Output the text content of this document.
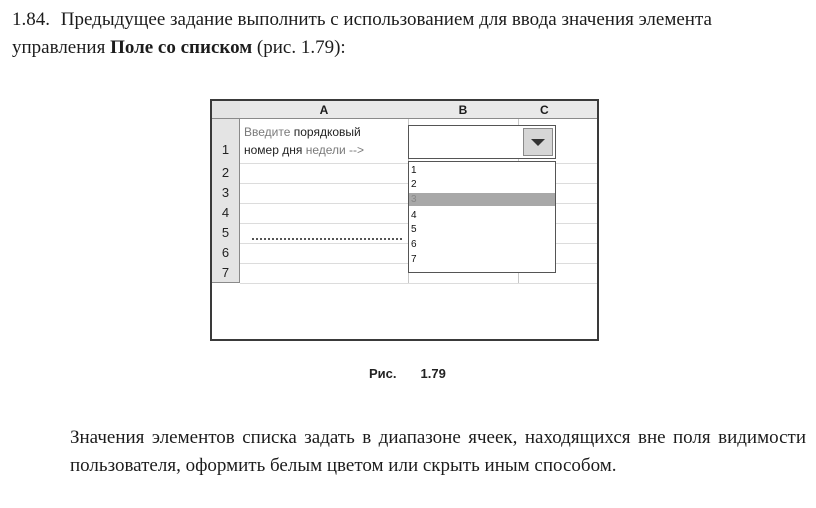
1.84. Предыдущее задание выполнить с использованием для ввода значения элемента управления Поле со списком (рис. 1.79):
A	B	C
1
2
3
4
5
6
7
Введите порядковый
номер дня недели -->
1
2
3
4
5
6
7
Рис. 1.79
Значения элементов списка задать в диапазоне ячеек, находящихся вне поля видимости пользователя, оформить белым цветом или скрыть иным способом.
